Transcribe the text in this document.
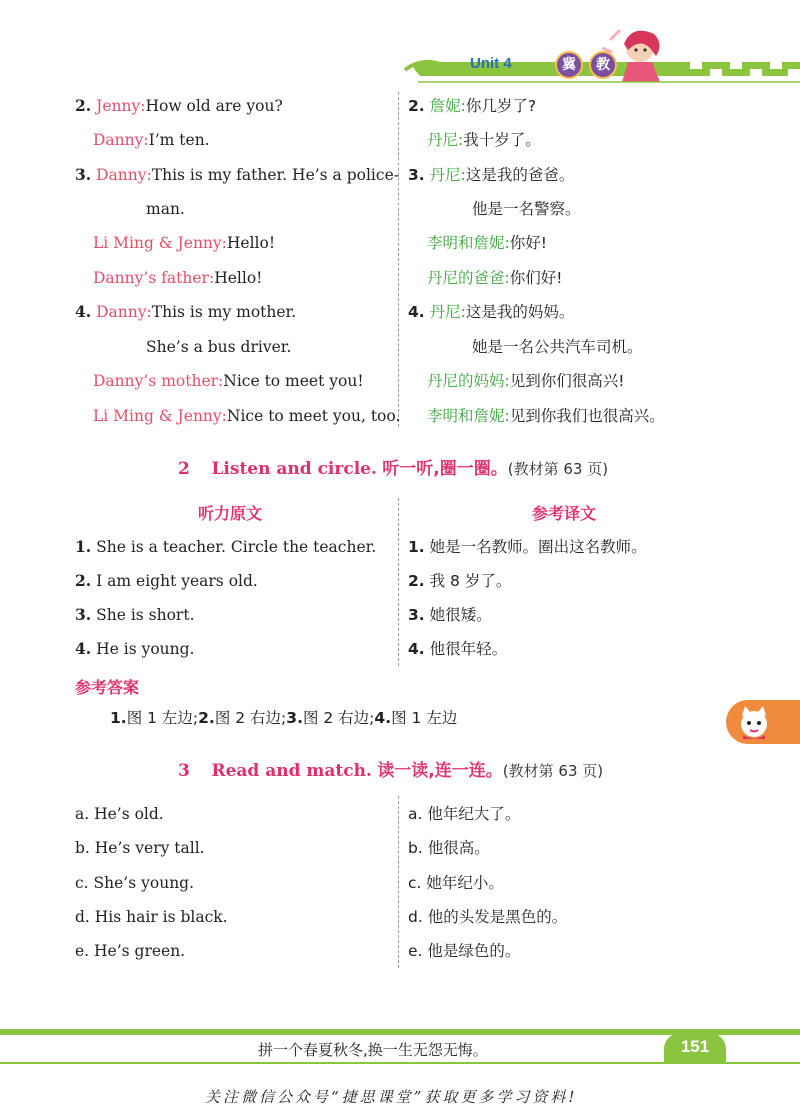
Unit 4	冀	教
2. Jenny:How old are you?
Danny:I’m ten.
3. Danny:This is my father. He’s a police-
man.
Li Ming & Jenny:Hello!
Danny’s father:Hello!
4. Danny:This is my mother.
She’s a bus driver.
Danny’s mother:Nice to meet you!
Li Ming & Jenny:Nice to meet you, too.
2. 詹妮:你几岁了?
丹尼:我十岁了。
3. 丹尼:这是我的爸爸。
他是一名警察。
李明和詹妮:你好!
丹尼的爸爸:你们好!
4. 丹尼:这是我的妈妈。
她是一名公共汽车司机。
丹尼的妈妈:见到你们很高兴!
李明和詹妮:见到你我们也很高兴。
2 Listen and circle. 听一听,圈一圈。(教材第 63 页)
听力原文	参考译文
1. She is a teacher. Circle the teacher.
2. I am eight years old.
3. She is short.
4. He is young.
1. 她是一名教师。圈出这名教师。
2. 我 8 岁了。
3. 她很矮。
4. 他很年轻。
参考答案
1.图 1 左边;2.图 2 右边;3.图 2 右边;4.图 1 左边
3 Read and match. 读一读,连一连。(教材第 63 页)
a. He’s old.
b. He’s very tall.
c. She’s young.
d. His hair is black.
e. He’s green.
a. 他年纪大了。
b. 他很高。
c. 她年纪小。
d. 他的头发是黑色的。
e. 他是绿色的。
拼一个春夏秋冬,换一生无怨无悔。	151
关注微信公众号“捷思课堂”获取更多学习资料!
